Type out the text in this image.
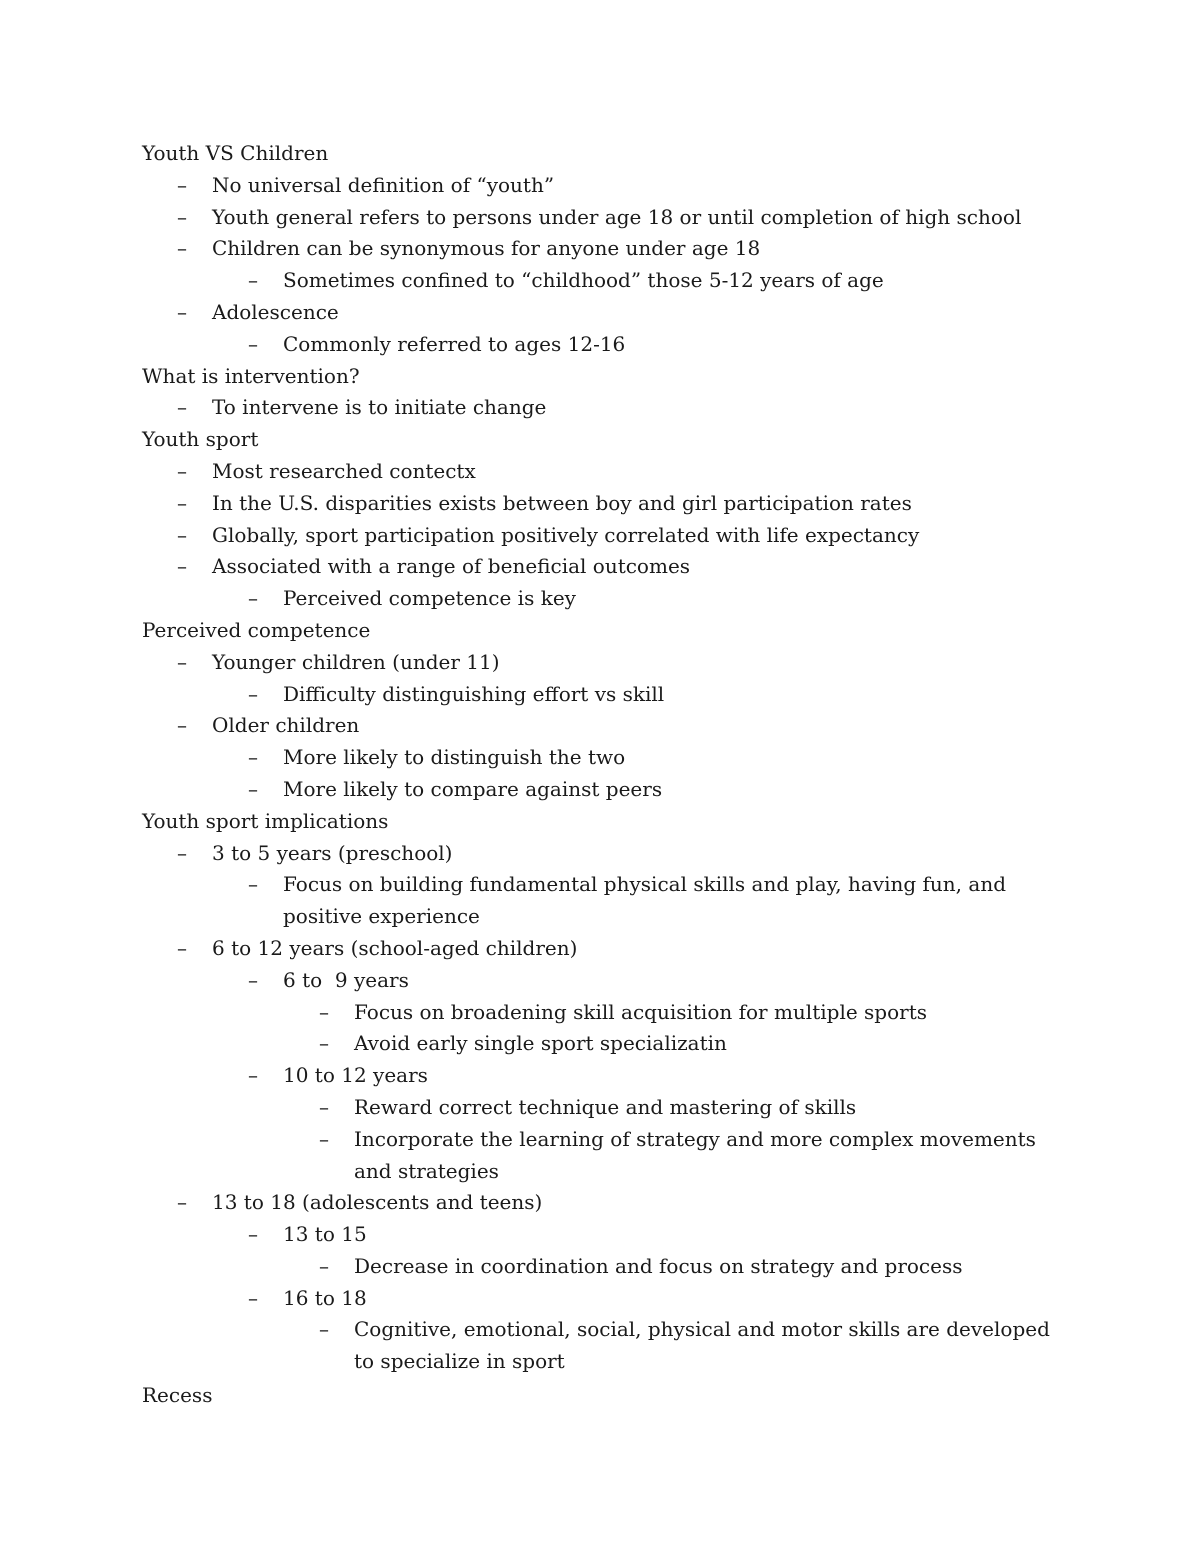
Youth VS Children
– No universal definition of “youth”
– Youth general refers to persons under age 18 or until completion of high school
– Children can be synonymous for anyone under age 18
– Sometimes confined to “childhood” those 5-12 years of age
– Adolescence
– Commonly referred to ages 12-16
What is intervention?
– To intervene is to initiate change
Youth sport
– Most researched contectx
– In the U.S. disparities exists between boy and girl participation rates
– Globally, sport participation positively correlated with life expectancy
– Associated with a range of beneficial outcomes
– Perceived competence is key
Perceived competence
– Younger children (under 11)
– Difficulty distinguishing effort vs skill
– Older children
– More likely to distinguish the two
– More likely to compare against peers
Youth sport implications
– 3 to 5 years (preschool)
– Focus on building fundamental physical skills and play, having fun, and
positive experience
– 6 to 12 years (school-aged children)
– 6 to  9 years
– Focus on broadening skill acquisition for multiple sports
– Avoid early single sport specializatin
– 10 to 12 years
– Reward correct technique and mastering of skills
– Incorporate the learning of strategy and more complex movements
and strategies
– 13 to 18 (adolescents and teens)
– 13 to 15
– Decrease in coordination and focus on strategy and process
– 16 to 18
– Cognitive, emotional, social, physical and motor skills are developed
to specialize in sport
Recess
